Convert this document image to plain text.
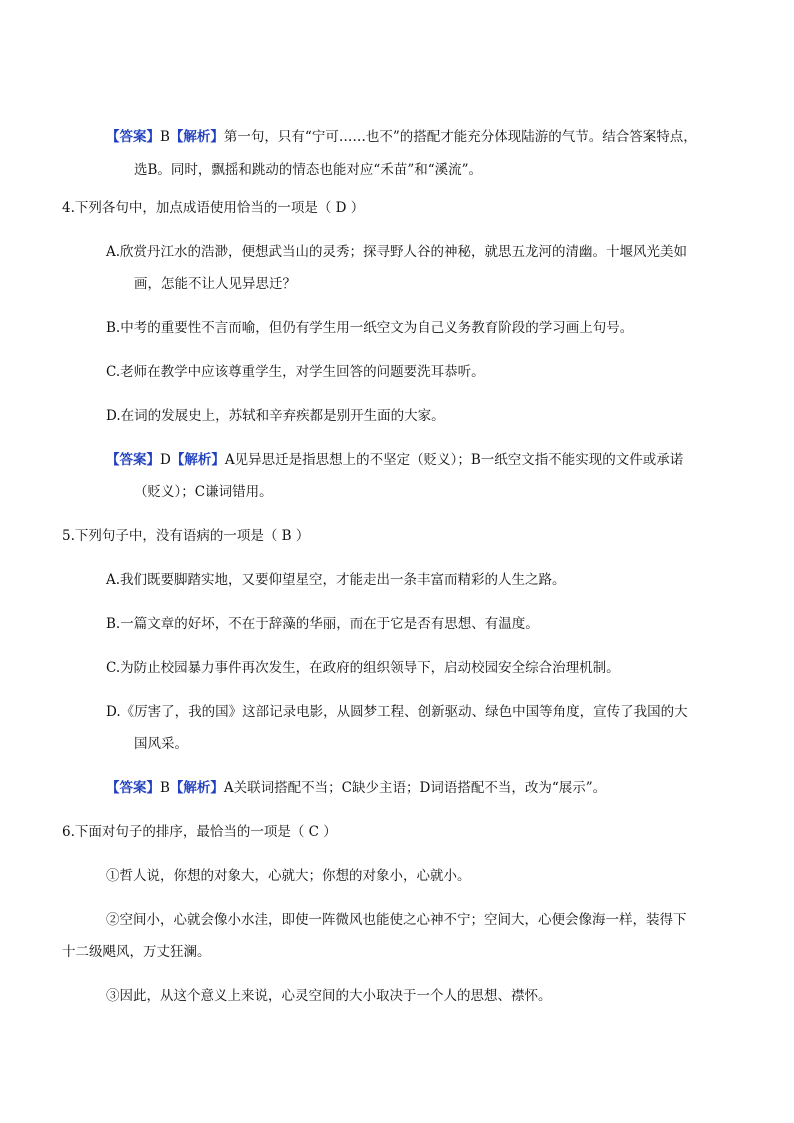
【答案】B【解析】第一句，只有“宁可……也不”的搭配才能充分体现陆游的气节。结合答案特点，
选B。同时，飘摇和跳动的情态也能对应“禾苗”和“溪流”。
4.下列各句中，加点成语使用恰当的一项是（ D ）
A.欣赏丹江水的浩渺，便想武当山的灵秀；探寻野人谷的神秘，就思五龙河的清幽。十堰风光美如
画，怎能不让人见异思迁？
B.中考的重要性不言而喻，但仍有学生用一纸空文为自己义务教育阶段的学习画上句号。
C.老师在教学中应该尊重学生，对学生回答的问题要洗耳恭听。
D.在词的发展史上，苏轼和辛弃疾都是别开生面的大家。
【答案】D【解析】A见异思迁是指思想上的不坚定（贬义）；B一纸空文指不能实现的文件或承诺
（贬义）；C谦词错用。
5.下列句子中，没有语病的一项是（ B ）
A.我们既要脚踏实地，又要仰望星空，才能走出一条丰富而精彩的人生之路。
B.一篇文章的好坏，不在于辞藻的华丽，而在于它是否有思想、有温度。
C.为防止校园暴力事件再次发生，在政府的组织领导下，启动校园安全综合治理机制。
D.《厉害了，我的国》这部记录电影，从圆梦工程、创新驱动、绿色中国等角度，宣传了我国的大
国风采。
【答案】B【解析】A关联词搭配不当；C缺少主语；D词语搭配不当，改为“展示”。
6.下面对句子的排序，最恰当的一项是（ C ）
①哲人说，你想的对象大，心就大；你想的对象小，心就小。
②空间小，心就会像小水洼，即使一阵微风也能使之心神不宁；空间大，心便会像海一样，装得下
十二级飓风，万丈狂澜。
③因此，从这个意义上来说，心灵空间的大小取决于一个人的思想、襟怀。
